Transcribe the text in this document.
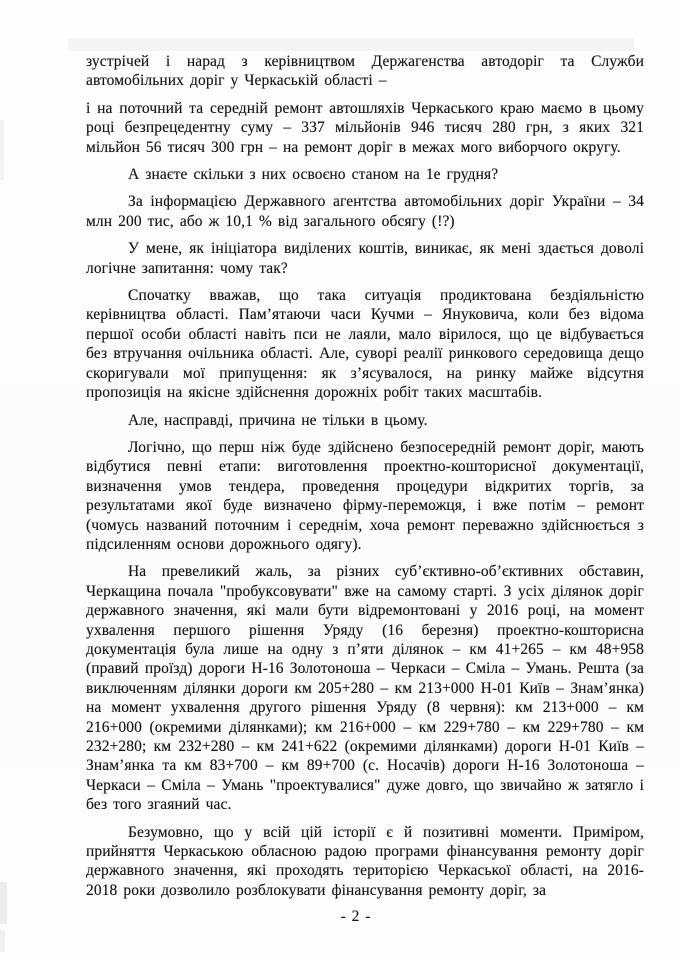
зустрічей і нарад з керівництвом Держагенства автодоріг та Служби автомобільних доріг у Черкаській області –

і на поточний та середній ремонт автошляхів Черкаського краю маємо в цьому році безпрецедентну суму – 337 мільйонів 946 тисяч 280 грн, з яких 321 мільйон 56 тисяч 300 грн – на ремонт доріг в межах мого виборчого округу.

А знаєте скільки з них освоєно станом на 1е грудня?

За інформацією Державного агентства автомобільних доріг України – 34 млн 200 тис, або ж 10,1 % від загального обсягу (!?)

У мене, як ініціатора виділених коштів, виникає, як мені здається доволі логічне запитання: чому так?

Спочатку вважав, що така ситуація продиктована бездіяльністю керівництва області. Пам’ятаючи часи Кучми – Януковича, коли без відома першої особи області навіть пси не лаяли, мало вірилося, що це відбувається без втручання очільника області. Але, суворі реалії ринкового середовища дещо скоригували мої припущення: як з’ясувалося, на ринку майже відсутня пропозиція на якісне здійснення дорожніх робіт таких масштабів.

Але, насправді, причина не тільки в цьому.

Логічно, що перш ніж буде здійснено безпосередній ремонт доріг, мають відбутися певні етапи: виготовлення проектно-кошторисної документації, визначення умов тендера, проведення процедури відкритих торгів, за результатами якої буде визначено фірму-переможця, і вже потім – ремонт (чомусь названий поточним і середнім, хоча ремонт переважно здійснюється з підсиленням основи дорожнього одягу).

На превеликий жаль, за різних суб’єктивно-об’єктивних обставин, Черкащина почала "пробуксовувати" вже на самому старті. З усіх ділянок доріг державного значення, які мали бути відремонтовані у 2016 році, на момент ухвалення першого рішення Уряду (16 березня) проектно-кошторисна документація була лише на одну з п’яти ділянок – км 41+265 – км 48+958 (правий проїзд) дороги Н-16 Золотоноша – Черкаси – Сміла – Умань. Решта (за виключенням ділянки дороги км 205+280 – км 213+000 Н-01 Київ – Знам’янка) на момент ухвалення другого рішення Уряду (8 червня): км 213+000 – км 216+000 (окремими ділянками); км 216+000 – км 229+780 – км 229+780 – км 232+280; км 232+280 – км 241+622 (окремими ділянками) дороги Н-01 Київ – Знам’янка та км 83+700 – км 89+700 (с. Носачів) дороги Н-16 Золотоноша – Черкаси – Сміла – Умань "проектувалися" дуже довго, що звичайно ж затягло і без того згаяний час.

Безумовно, що у всій цій історії є й позитивні моменти. Приміром, прийняття Черкаською обласною радою програми фінансування ремонту доріг державного значення, які проходять територією Черкаської області, на 2016-2018 роки дозволило розблокувати фінансування ремонту доріг, за

- 2 -
